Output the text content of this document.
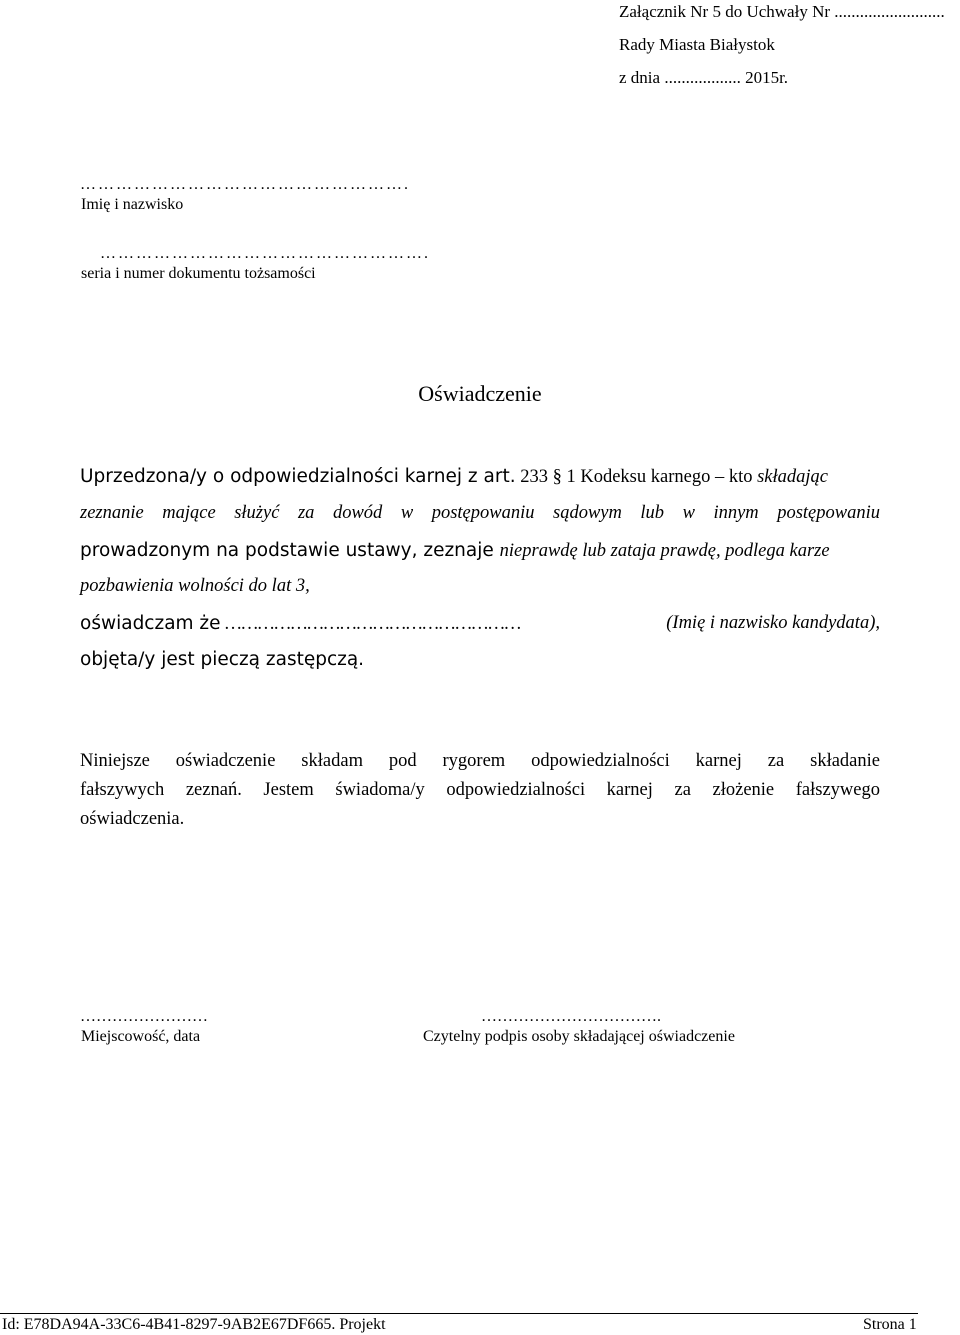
Załącznik Nr 5 do Uchwały Nr ..........................
Rady Miasta Białystok
z dnia .................. 2015r.
……………………………………………….
Imię i nazwisko
……………………………………………….
seria i numer dokumentu tożsamości
Oświadczenie
Uprzedzona/y o odpowiedzialności karnej z art. 233 § 1 Kodeksu karnego – kto składając
zeznanie mające służyć za dowód w postępowaniu sądowym lub w innym postępowaniu
prowadzonym na podstawie ustawy, zeznaje nieprawdę lub zataja prawdę, podlega karze
pozbawienia wolności do lat 3,
oświadczam że ………………………………………………	(Imię i nazwisko kandydata),
objęta/y jest pieczą zastępczą.
Niniejsze oświadczenie składam pod rygorem odpowiedzialności karnej za składanie
fałszywych zeznań. Jestem świadoma/y odpowiedzialności karnej za złożenie fałszywego
oświadczenia.
……………………
Miejscowość, data
…………………………….
Czytelny podpis osoby składającej oświadczenie
Id: E78DA94A-33C6-4B41-8297-9AB2E67DF665. Projekt	Strona 1
